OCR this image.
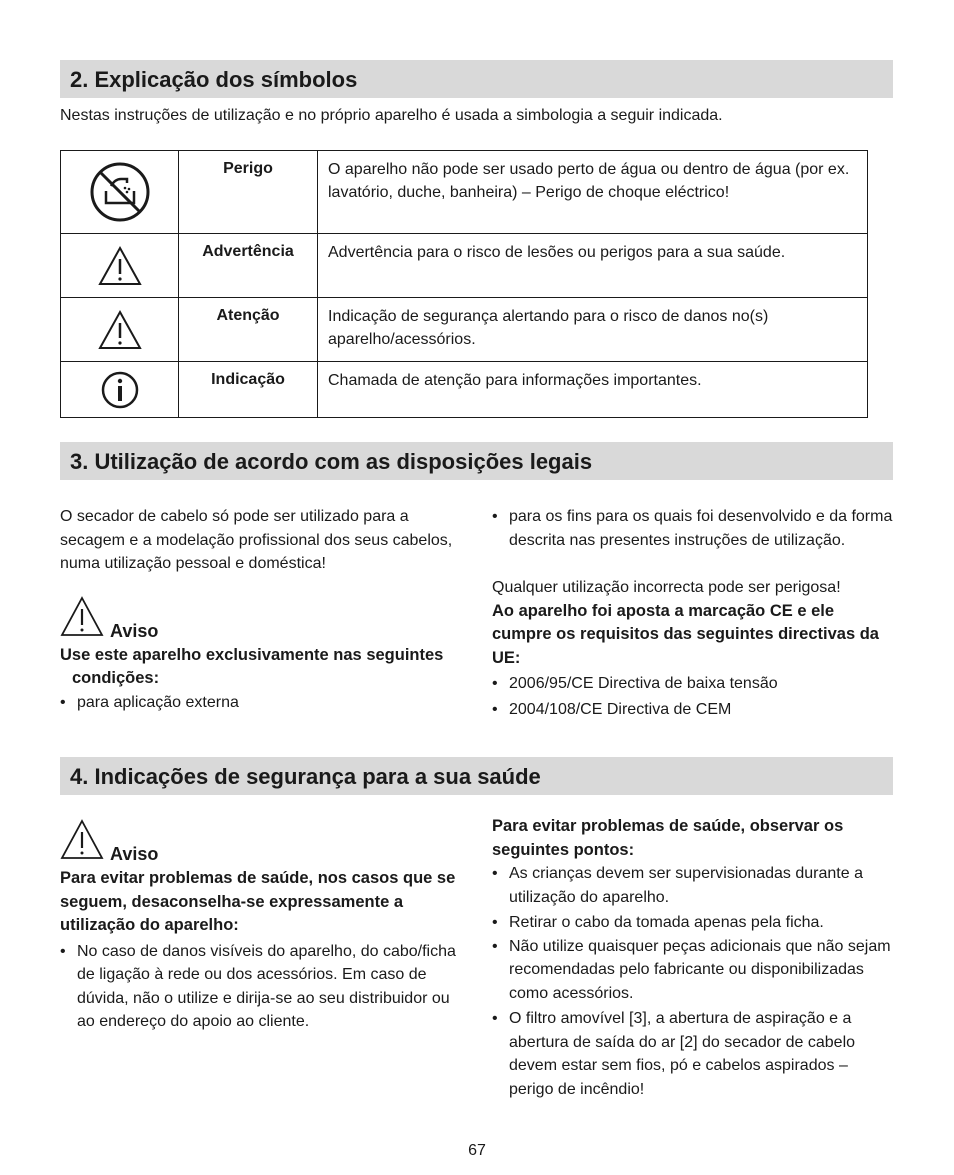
2. Explicação dos símbolos
Nestas instruções de utilização e no próprio aparelho é usada a simbologia a seguir indicada.
	Perigo	O aparelho não pode ser usado perto de água ou dentro de água (por ex. lavatório, duche, banheira) – Perigo de choque eléctrico!

	Advertência	Advertência para o risco de lesões ou perigos para a sua saúde.

	Atenção	Indicação de segurança alertando para o risco de danos no(s) aparelho/acessórios.

	Indicação	Chamada de atenção para informações importantes.
3. Utilização de acordo com as disposições legais

O secador de cabelo só pode ser utilizado para a secagem e a modelação profissional dos seus cabelos, numa utilização pessoal e doméstica!

Aviso

Use este aparelho exclusivamente nas seguintes condições:

• para aplicação externa

• para os fins para os quais foi desenvolvido e da forma descrita nas presentes instruções de utilização.

Qualquer utilização incorrecta pode ser perigosa!

Ao aparelho foi aposta a marcação CE e ele cumpre os requisitos das seguintes directivas da UE:

• 2006/95/CE Directiva de baixa tensão

• 2004/108/CE Directiva de CEM

4. Indicações de segurança para a sua saúde
Aviso

Para evitar problemas de saúde, nos casos que se seguem, desaconselha-se expressamente a utilização do aparelho:

• No caso de danos visíveis do aparelho, do cabo/ficha de ligação à rede ou dos acessórios. Em caso de dúvida, não o utilize e dirija-se ao seu distribuidor ou ao endereço do apoio ao cliente.

Para evitar problemas de saúde, observar os seguintes pontos:

• As crianças devem ser supervisionadas durante a utilização do aparelho.

• Retirar o cabo da tomada apenas pela ficha.

• Não utilize quaisquer peças adicionais que não sejam recomendadas pelo fabricante ou disponibilizadas como acessórios.

• O filtro amovível [3], a abertura de aspiração e a abertura de saída do ar [2] do secador de cabelo devem estar sem fios, pó e cabelos aspirados – perigo de incêndio!

67
